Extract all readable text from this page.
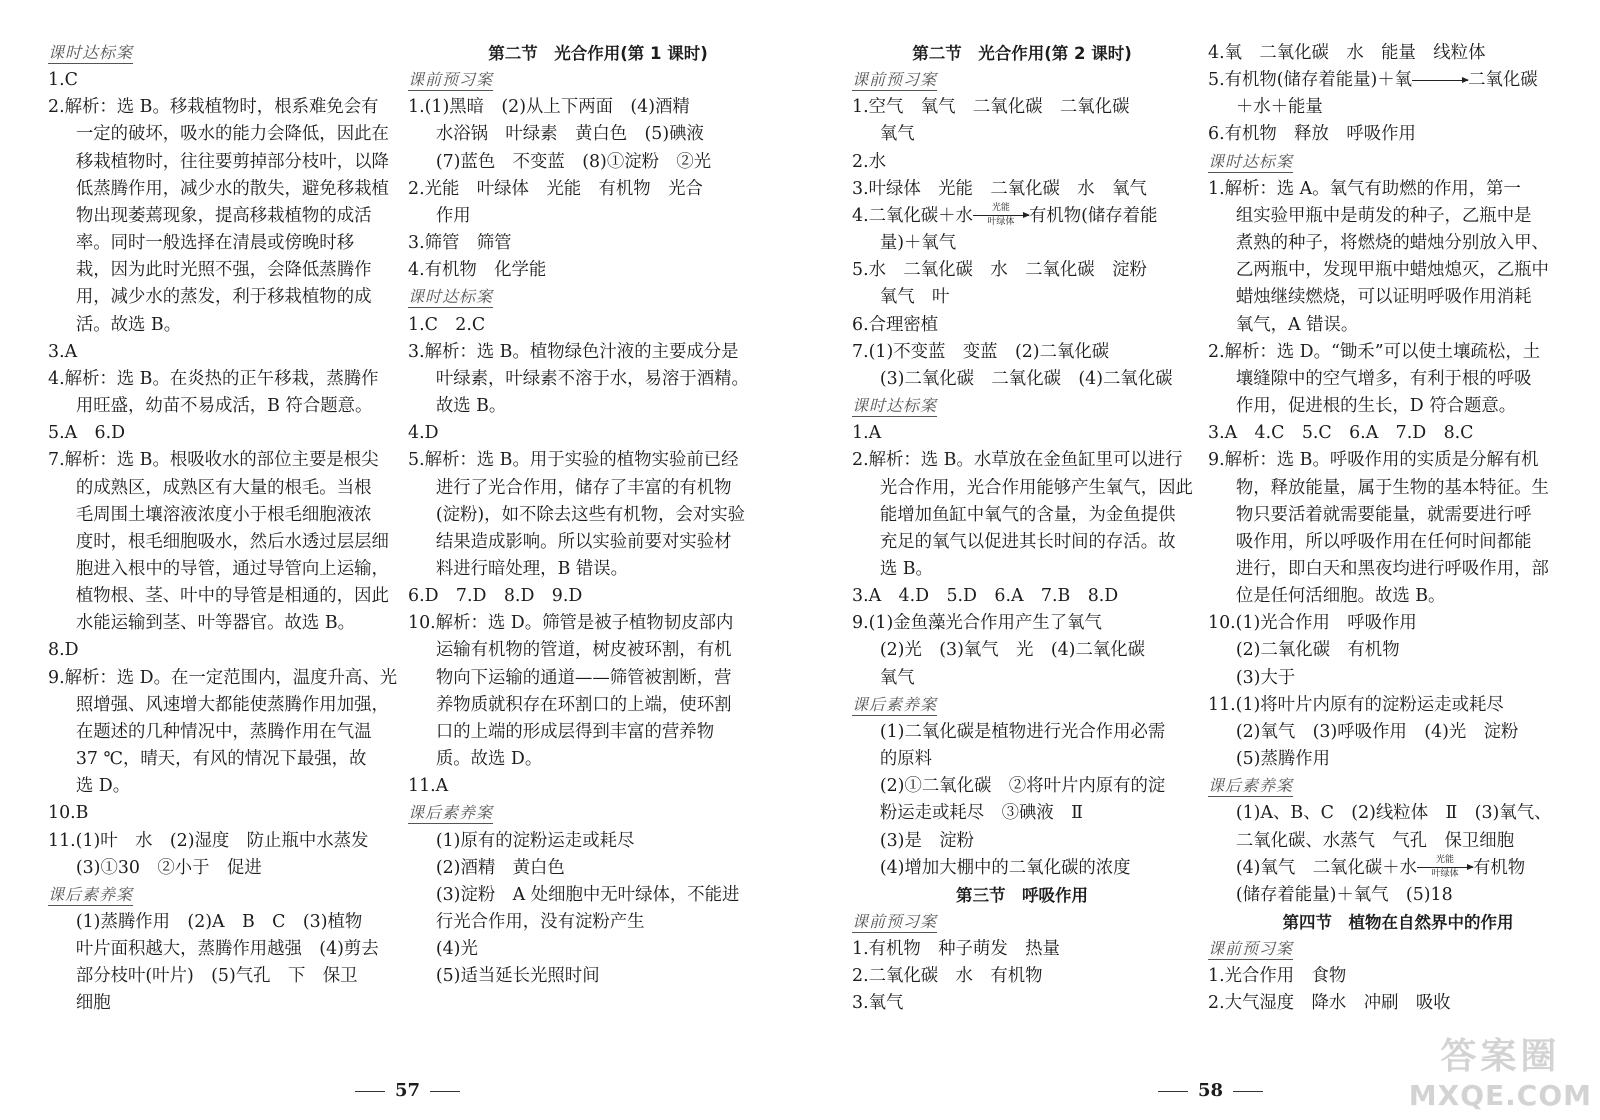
课时达标案

1.C

2.解析：选 B。移栽植物时，根系难免会有

一定的破坏，吸水的能力会降低，因此在

移栽植物时，往往要剪掉部分枝叶，以降

低蒸腾作用，减少水的散失，避免移栽植

物出现萎蔫现象，提高移栽植物的成活

率。同时一般选择在清晨或傍晚时移

栽，因为此时光照不强，会降低蒸腾作

用，减少水的蒸发，利于移栽植物的成

活。故选 B。

3.A

4.解析：选 B。在炎热的正午移栽，蒸腾作

用旺盛，幼苗不易成活，B 符合题意。

5.A　6.D

7.解析：选 B。根吸收水的部位主要是根尖

的成熟区，成熟区有大量的根毛。当根

毛周围土壤溶液浓度小于根毛细胞液浓

度时，根毛细胞吸水，然后水透过层层细

胞进入根中的导管，通过导管向上运输，

植物根、茎、叶中的导管是相通的，因此

水能运输到茎、叶等器官。故选 B。

8.D

9.解析：选 D。在一定范围内，温度升高、光

照增强、风速增大都能使蒸腾作用加强，

在题述的几种情况中，蒸腾作用在气温

37 ℃，晴天，有风的情况下最强，故

选 D。

10.B

11.(1)叶　水　(2)湿度　防止瓶中水蒸发

(3)①30　②小于　促进

课后素养案

(1)蒸腾作用　(2)A　B　C　(3)植物

叶片面积越大，蒸腾作用越强　(4)剪去

部分枝叶(叶片)　(5)气孔　下　保卫

细胞

第二节　光合作用(第 1 课时)

课前预习案

1.(1)黑暗　(2)从上下两面　(4)酒精

水浴锅　叶绿素　黄白色　(5)碘液

(7)蓝色　不变蓝　(8)①淀粉　②光

2.光能　叶绿体　光能　有机物　光合

作用

3.筛管　筛管

4.有机物　化学能

课时达标案

1.C　2.C

3.解析：选 B。植物绿色汁液的主要成分是

叶绿素，叶绿素不溶于水，易溶于酒精。

故选 B。

4.D

5.解析：选 B。用于实验的植物实验前已经

进行了光合作用，储存了丰富的有机物

(淀粉)，如不除去这些有机物，会对实验

结果造成影响。所以实验前要对实验材

料进行暗处理，B 错误。

6.D　7.D　8.D　9.D

10.解析：选 D。筛管是被子植物韧皮部内

运输有机物的管道，树皮被环割，有机

物向下运输的通道——筛管被割断，营

养物质就积存在环割口的上端，使环割

口的上端的形成层得到丰富的营养物

质。故选 D。

11.A

课后素养案

(1)原有的淀粉运走或耗尽

(2)酒精　黄白色

(3)淀粉　A 处细胞中无叶绿体，不能进

行光合作用，没有淀粉产生

(4)光

(5)适当延长光照时间

57

第二节　光合作用(第 2 课时)

课前预习案

1.空气　氧气　二氧化碳　二氧化碳

氧气

2.水

3.叶绿体　光能　二氧化碳　水　氧气

4.二氧化碳＋水	光能
叶绿体 有机物(储存着能

量)＋氧气

5.水　二氧化碳　水　二氧化碳　淀粉

氧气　叶

6.合理密植

7.(1)不变蓝　变蓝　(2)二氧化碳

(3)二氧化碳　二氧化碳　(4)二氧化碳

课时达标案

1.A

2.解析：选 B。水草放在金鱼缸里可以进行

光合作用，光合作用能够产生氧气，因此

能增加鱼缸中氧气的含量，为金鱼提供

充足的氧气以促进其长时间的存活。故

选 B。

3.A　4.D　5.D　6.A　7.B　8.D

9.(1)金鱼藻光合作用产生了氧气

(2)光　(3)氧气　光　(4)二氧化碳

氧气

课后素养案

(1)二氧化碳是植物进行光合作用必需

的原料

(2)①二氧化碳　②将叶片内原有的淀

粉运走或耗尽　③碘液　Ⅱ

(3)是　淀粉

(4)增加大棚中的二氧化碳的浓度

第三节　呼吸作用

课前预习案

1.有机物　种子萌发　热量

2.二氧化碳　水　有机物

3.氧气

4.氧　二氧化碳　水　能量　线粒体

5.有机物(储存着能量)＋氧→二氧化碳

＋水＋能量

6.有机物　释放　呼吸作用

课时达标案

1.解析：选 A。氧气有助燃的作用，第一

组实验甲瓶中是萌发的种子，乙瓶中是

煮熟的种子，将燃烧的蜡烛分别放入甲、

乙两瓶中，发现甲瓶中蜡烛熄灭，乙瓶中

蜡烛继续燃烧，可以证明呼吸作用消耗

氧气，A 错误。

2.解析：选 D。“锄禾”可以使土壤疏松，土

壤缝隙中的空气增多，有利于根的呼吸

作用，促进根的生长，D 符合题意。

3.A　4.C　5.C　6.A　7.D　8.C

9.解析：选 B。呼吸作用的实质是分解有机

物，释放能量，属于生物的基本特征。生

物只要活着就需要能量，就需要进行呼

吸作用，所以呼吸作用在任何时间都能

进行，即白天和黑夜均进行呼吸作用，部

位是任何活细胞。故选 B。

10.(1)光合作用　呼吸作用

(2)二氧化碳　有机物

(3)大于

11.(1)将叶片内原有的淀粉运走或耗尽

(2)氧气　(3)呼吸作用　(4)光　淀粉

(5)蒸腾作用

课后素养案

(1)A、B、C　(2)线粒体　Ⅱ　(3)氧气、

二氧化碳、水蒸气　气孔　保卫细胞

(4)氧气　二氧化碳＋水	光能
叶绿体 有机物

(储存着能量)＋氧气　(5)18

第四节　植物在自然界中的作用

课前预习案

1.光合作用　食物

2.大气湿度　降水　冲刷　吸收

58
答案圈
MXQE.COM
